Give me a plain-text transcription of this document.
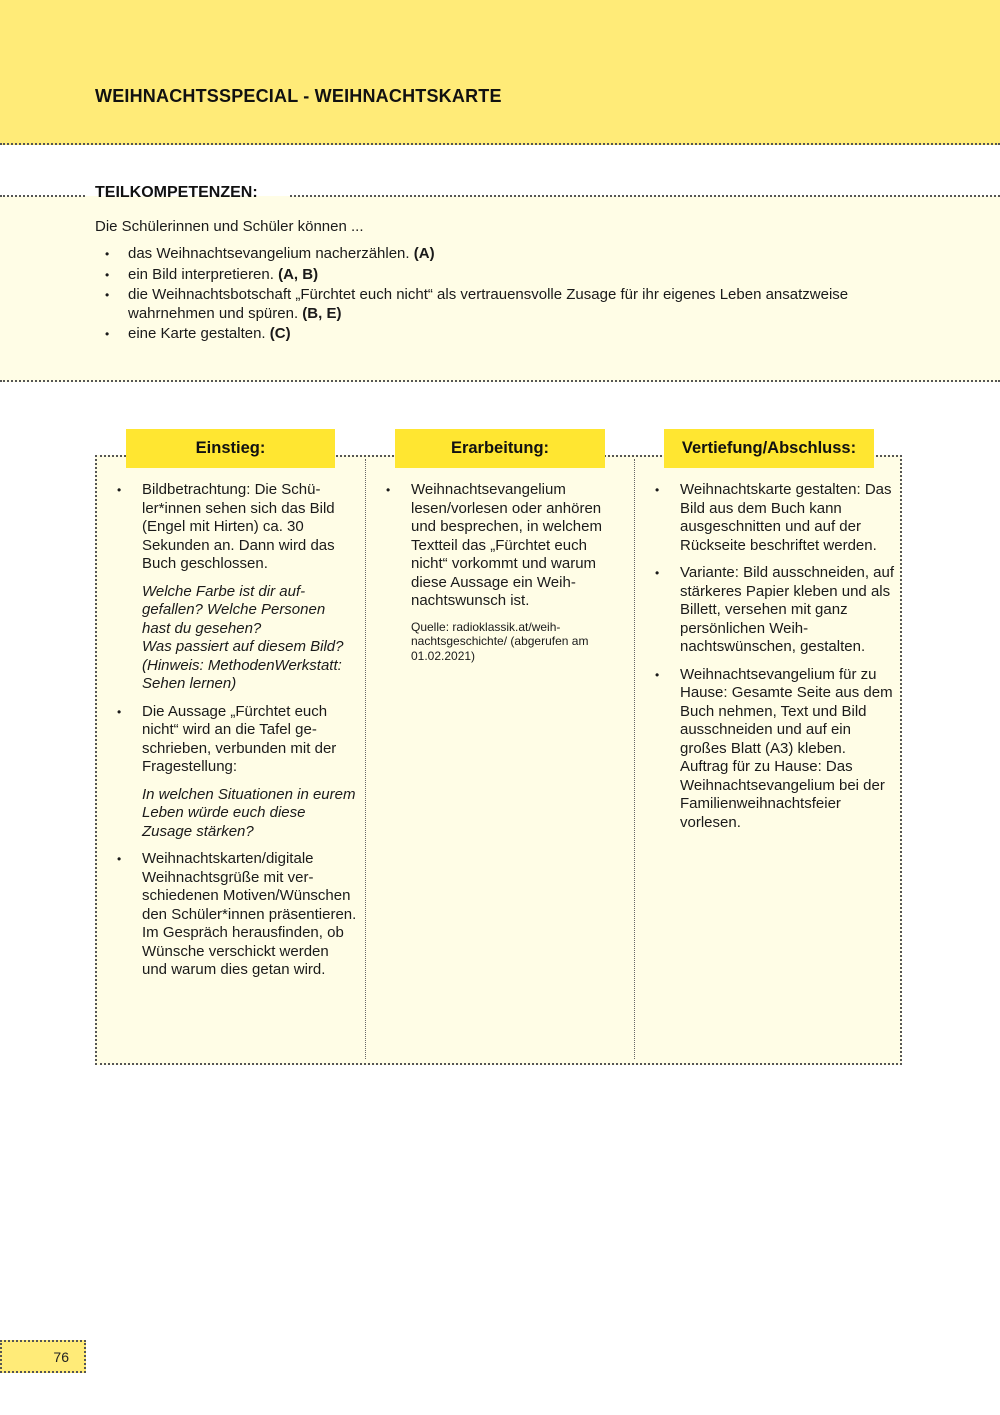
WEIHNACHTSSPECIAL - WEIHNACHTSKARTE
TEILKOMPETENZEN:

Die Schülerinnen und Schüler können ...

• das Weihnachtsevangelium nacherzählen. (A)
• ein Bild interpretieren. (A, B)
• die Weihnachtsbotschaft „Fürchtet euch nicht“ als vertrauensvolle Zusage für ihr eigenes Leben ansatzweise wahrnehmen und spüren. (B, E)
• eine Karte gestalten. (C)
Einstieg:	Erarbeitung:	Vertiefung/Abschluss:

• Bildbetrachtung: Die Schüler*innen sehen sich das Bild (Engel mit Hirten) ca. 30 Sekunden an. Dann wird das Buch geschlossen.

Welche Farbe ist dir aufgefallen? Welche Personen hast du gesehen?
Was passiert auf diesem Bild? (Hinweis: MethodenWerkstatt: Sehen lernen)

• Die Aussage „Fürchtet euch nicht“ wird an die Tafel geschrieben, verbunden mit der Fragestellung:

In welchen Situationen in eurem Leben würde euch diese Zusage stärken?

• Weihnachtskarten/digitale Weihnachtsgrüße mit verschiedenen Motiven/Wünschen den Schüler*innen präsentieren. Im Gespräch herausfinden, ob Wünsche verschickt werden und warum dies getan wird.

• Weihnachtsevangelium lesen/vorlesen oder anhören und besprechen, in welchem Textteil das „Fürchtet euch nicht“ vorkommt und warum diese Aussage ein Weihnachtswunsch ist.

Quelle: radioklassik.at/weihnachtsgeschichte/ (abgerufen am 01.02.2021)

• Weihnachtskarte gestalten: Das Bild aus dem Buch kann ausgeschnitten und auf der Rückseite beschriftet werden.

• Variante: Bild ausschneiden, auf stärkeres Papier kleben und als Billett, versehen mit ganz persönlichen Weihnachtswünschen, gestalten.

• Weihnachtsevangelium für zu Hause: Gesamte Seite aus dem Buch nehmen, Text und Bild ausschneiden und auf ein großes Blatt (A3) kleben. Auftrag für zu Hause: Das Weihnachtsevangelium bei der Familienweihnachtsfeier vorlesen.

76
